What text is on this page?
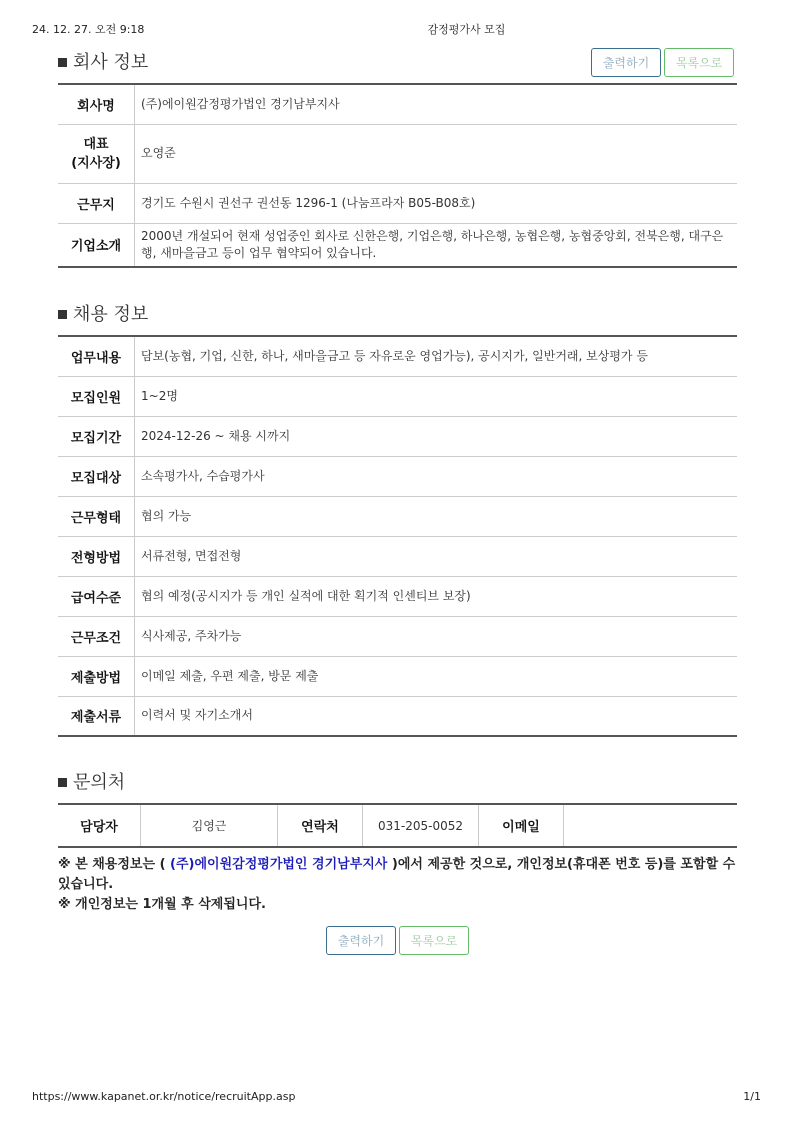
24. 12. 27. 오전 9:18	감정평가사 모집
회사 정보	출력하기	목록으로
회사명	(주)에이원감정평가법인 경기남부지사
대표
(지사장)	오영준
근무지	경기도 수원시 권선구 권선동 1296-1 (나눔프라자 B05-B08호)
기업소개	2000년 개설되어 현재 성업중인 회사로 신한은행, 기업은행, 하나은행, 농협은행, 농협중앙회, 전북은행, 대구은행, 새마을금고 등이 업무 협약되어 있습니다.
채용 정보
업무내용	담보(농협, 기업, 신한, 하나, 새마을금고 등 자유로운 영업가능), 공시지가, 일반거래, 보상평가 등
모집인원	1~2명
모집기간	2024-12-26 ~ 채용 시까지
모집대상	소속평가사, 수습평가사
근무형태	협의 가능
전형방법	서류전형, 면접전형
급여수준	협의 예정(공시지가 등 개인 실적에 대한 획기적 인센티브 보장)
근무조건	식사제공, 주차가능
제출방법	이메일 제출, 우편 제출, 방문 제출
제출서류	이력서 및 자기소개서
문의처
담당자	김영근	연락처	031-205-0052	이메일	
※ 본 채용정보는 ( (주)에이원감정평가법인 경기남부지사 )에서 제공한 것으로, 개인정보(휴대폰 번호 등)를 포함할 수 있습니다.
※ 개인정보는 1개월 후 삭제됩니다.
출력하기	목록으로
https://www.kapanet.or.kr/notice/recruitApp.asp	1/1
